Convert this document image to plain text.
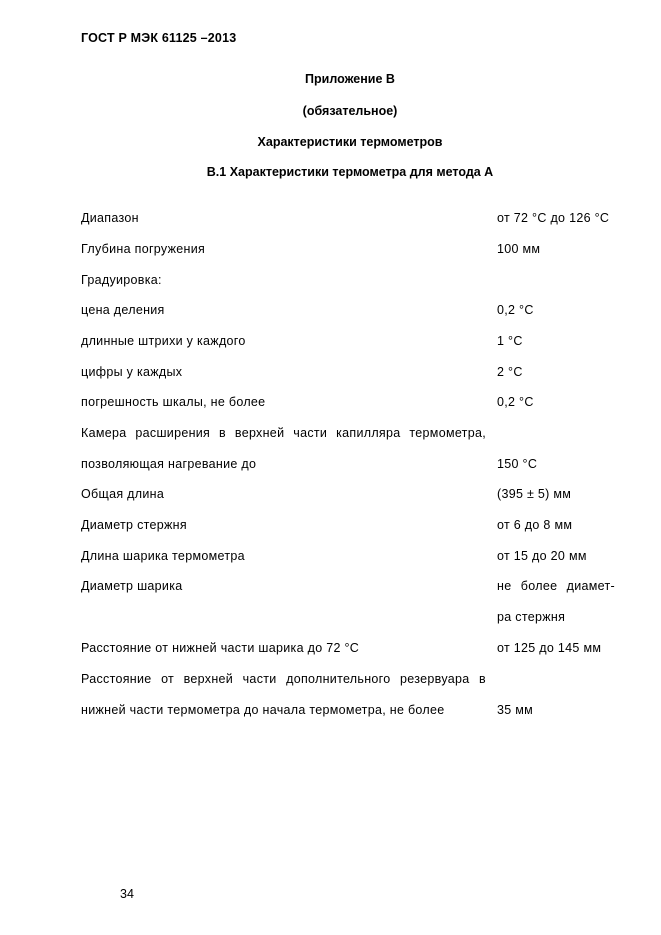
ГОСТ Р МЭК 61125 –2013
Приложение В
(обязательное)
Характеристики термометров
В.1 Характеристики термометра для метода А
Диапазон	от 72 °С до 126 °С
Глубина погружения	100 мм
Градуировка:
цена деления	0,2 °С
длинные штрихи у каждого	1 °С
цифры у каждых	2 °С
погрешность шкалы, не более	0,2 °С
Камера расширения в верхней части капилляра термометра,
позволяющая нагревание до	150 °С
Общая длина	(395 ± 5) мм
Диаметр стержня	от 6 до 8 мм
Длина шарика термометра	от 15 до 20 мм
Диаметр шарика	не более диамет-
ра стержня
Расстояние от нижней части шарика до 72 °С	от 125 до 145 мм
Расстояние от верхней части дополнительного резервуара в
нижней части термометра до начала термометра, не более	35 мм
34
